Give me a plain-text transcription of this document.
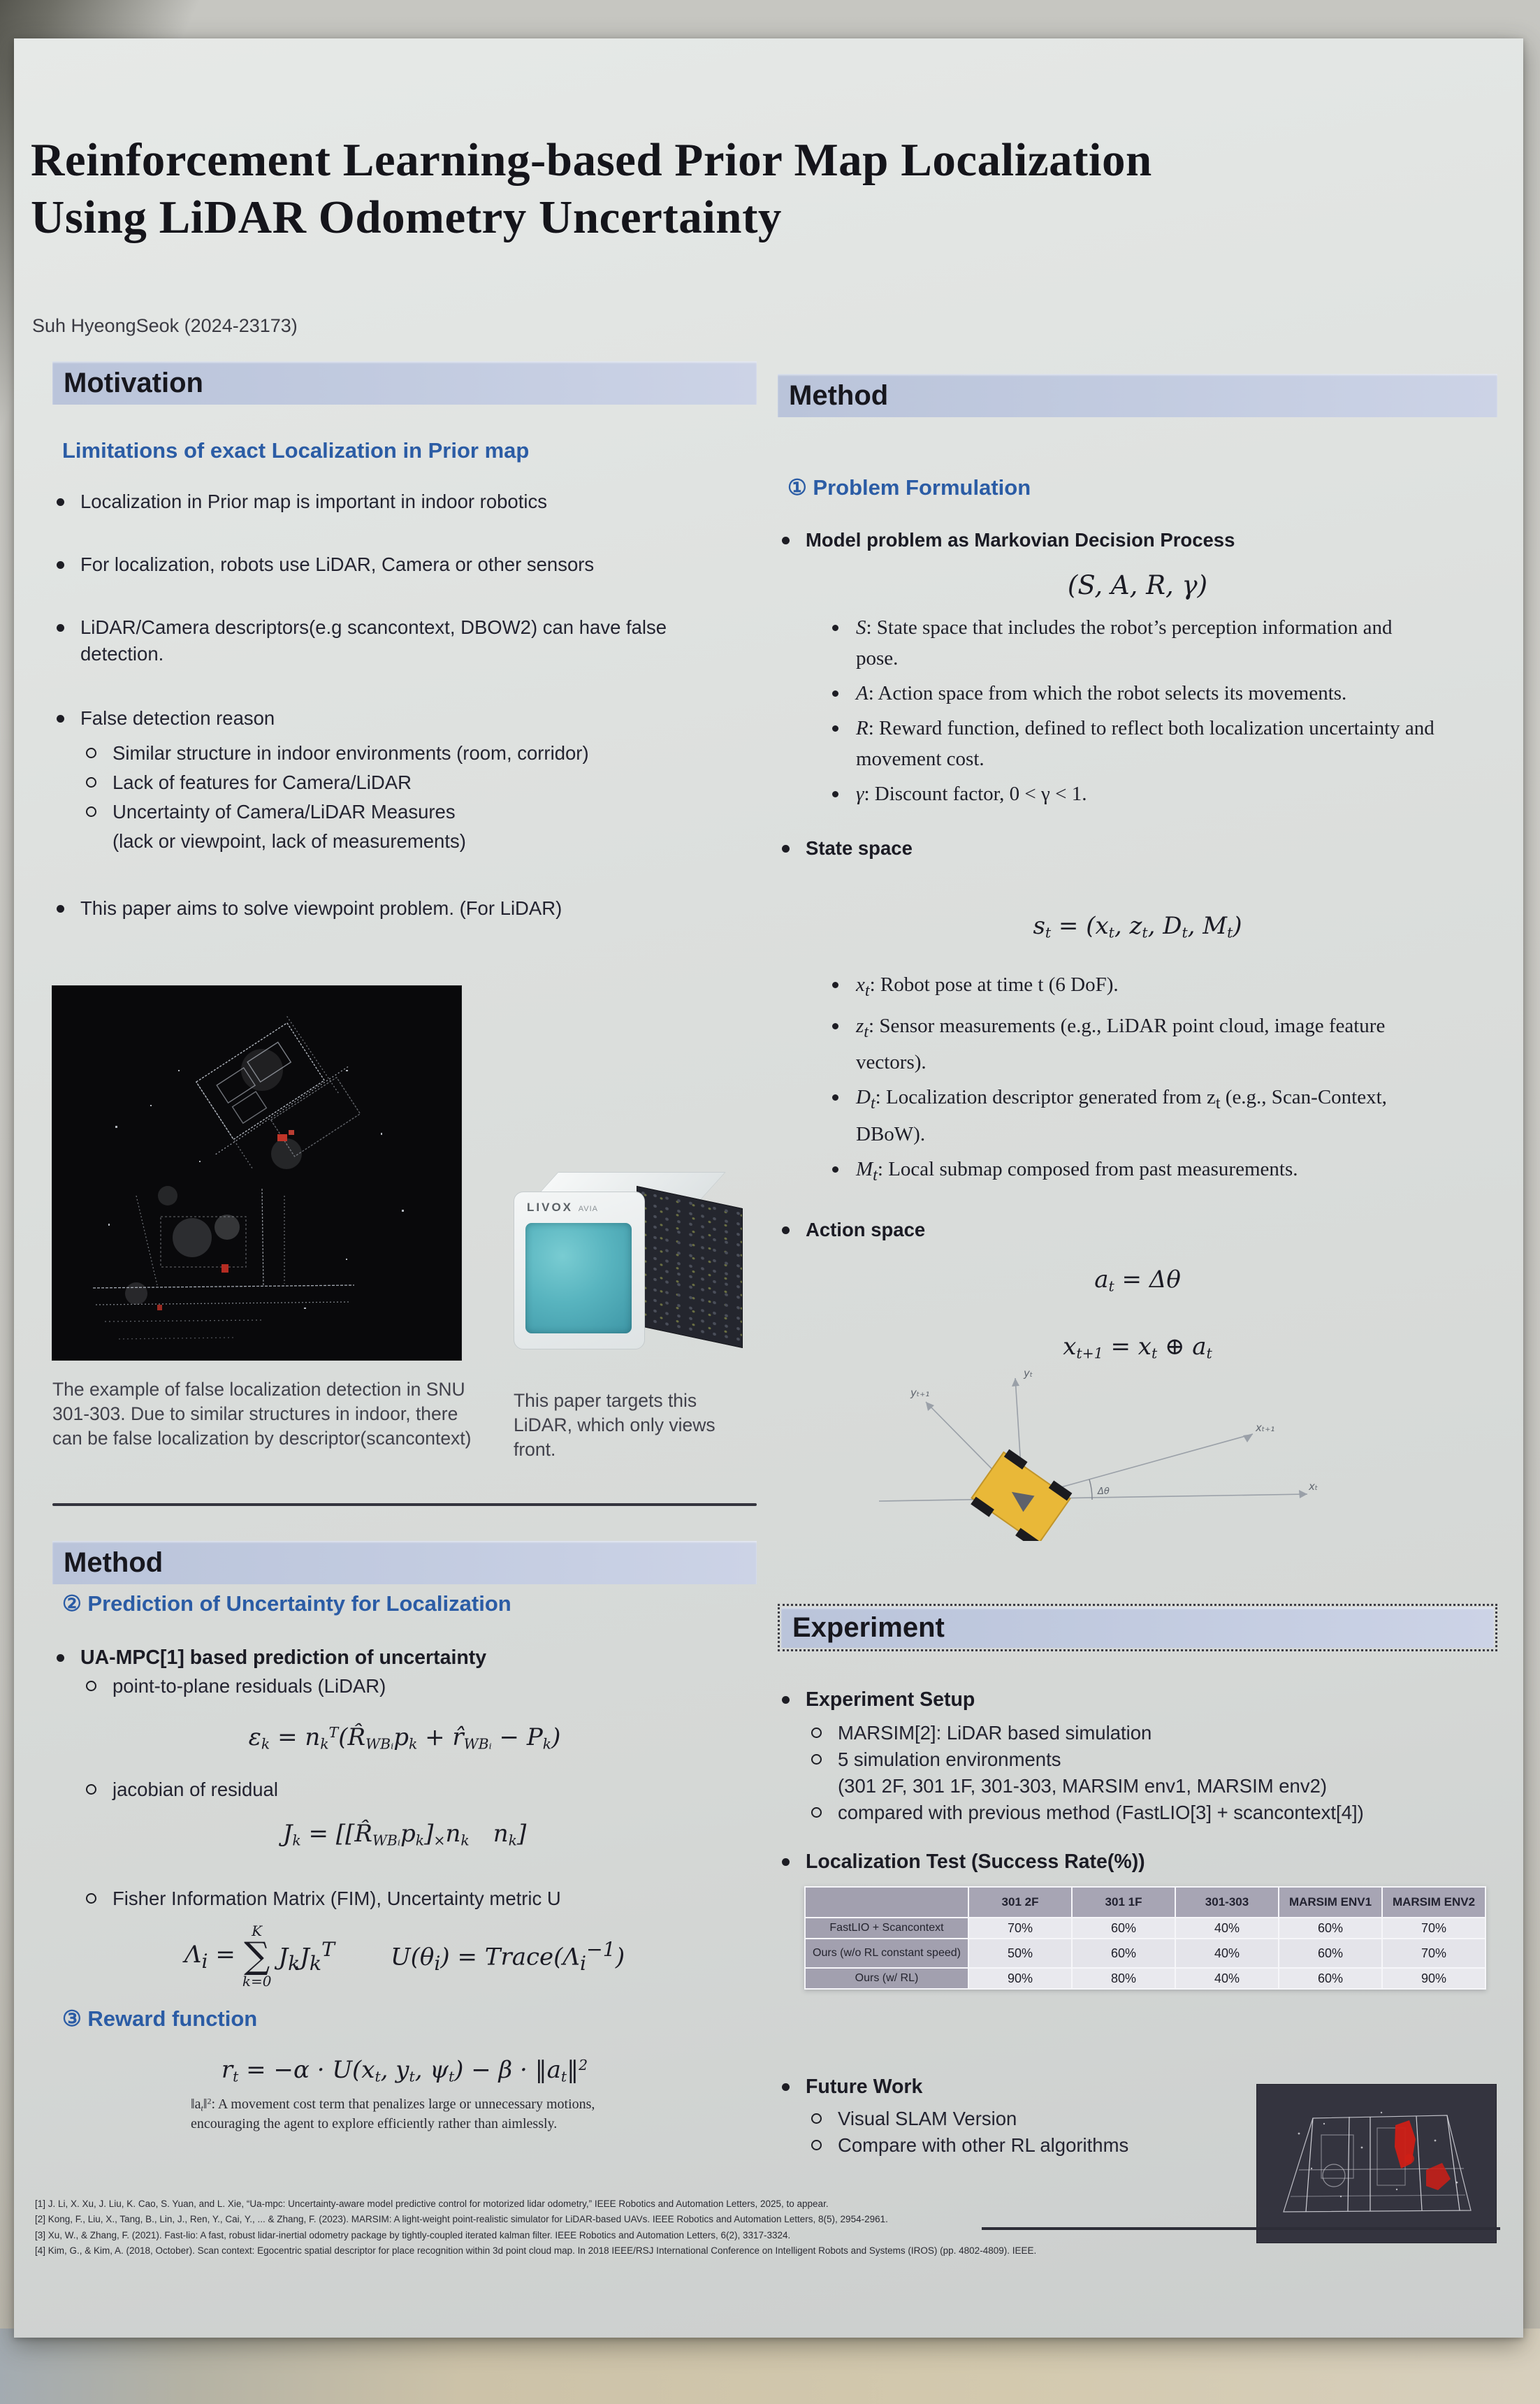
Reinforcement Learning-based Prior Map Localization
Using LiDAR Odometry Uncertainty
Suh HyeongSeok (2024-23173)
Motivation
Limitations of exact Localization in Prior map
Localization in Prior map is important in indoor robotics
For localization, robots use LiDAR, Camera or other sensors
LiDAR/Camera descriptors(e.g scancontext, DBOW2) can have false detection.
False detection reason
Similar structure in indoor environments (room, corridor)
Lack of features for Camera/LiDAR
Uncertainty of Camera/LiDAR Measures
(lack or viewpoint, lack of measurements)
This paper aims to solve viewpoint problem. (For LiDAR)
LIVOX AVIA
The example of false localization detection in SNU 301-303. Due to similar structures in indoor, there can be false localization by descriptor(scancontext)
This paper targets this LiDAR, which only views front.
Method
① Problem Formulation
Model problem as Markovian Decision Process
(S, A, R, γ)
S: State space that includes the robot’s perception information and pose.
A: Action space from which the robot selects its movements.
R: Reward function, defined to reflect both localization uncertainty and movement cost.
γ: Discount factor, 0 < γ < 1.
State space
$s_t = (x_t$, $z_t$, $D_t$, $M_t$)
$x_t$: Robot pose at time t (6 DoF).
$z_t$: Sensor measurements (e.g., LiDAR point cloud, image feature vectors).
$D_t$: Localization descriptor generated from $z_t$ (e.g., Scan-Context, DBoW).
$M_t$: Local submap composed from past measurements.
Action space
$a_t = \Delta\theta$
$x_{t+1} = x_t$ ⊕ $a_t$
yₜ
yₜ₊₁
xₜ
xₜ₊₁
Δθ
Method
② Prediction of Uncertainty for Localization
UA-MPC[1] based prediction of uncertainty
point-to-plane residuals (LiDAR)
$\varepsilon_k$ = $n_k^T(R̂_{WBᵢ}p_k$ + $r̂_{WBᵢ} - P_k$)
jacobian of residual
$J_k$ = [$[R̂_{WBᵢ}p_k]_\times n_k$ $n_k$]
Fisher Information Matrix (FIM), Uncertainty metric U
$\Lambda_i$ =
K
∑
k=0
$J_kJ_k^T$ $U(\theta_i)$ = $Trace(\Lambda_i^{-1})$
③ Reward function
$r_t = -\alpha \cdot U(x_t$, $y_t$, $\psi_t) - \beta$ · $‖a_t‖^2$
$‖a_t‖^2$: A movement cost term that penalizes large or unnecessary motions, encouraging the agent to explore efficiently rather than aimlessly.
Experiment
Experiment Setup
MARSIM[2]: LiDAR based simulation
5 simulation environments
(301 2F, 301 1F, 301-303, MARSIM env1, MARSIM env2)
compared with previous method (FastLIO[3] + scancontext[4])
Localization Test (Success Rate(%))
	301 2F	301 1F	301-303	MARSIM ENV1	MARSIM ENV2
FastLIO + Scancontext	70%	60%	40%	60%	70%
Ours (w/o RL constant speed)	50%	60%	40%	60%	70%
Ours (w/ RL)	90%	80%	40%	60%	90%
Future Work
Visual SLAM Version
Compare with other RL algorithms
[1] J. Li, X. Xu, J. Liu, K. Cao, S. Yuan, and L. Xie, “Ua-mpc: Uncertainty-aware model predictive control for motorized lidar odometry,” IEEE Robotics and Automation Letters, 2025, to appear.
[2] Kong, F., Liu, X., Tang, B., Lin, J., Ren, Y., Cai, Y., ... & Zhang, F. (2023). MARSIM: A light-weight point-realistic simulator for LiDAR-based UAVs. IEEE Robotics and Automation Letters, 8(5), 2954-2961.
[3] Xu, W., & Zhang, F. (2021). Fast-lio: A fast, robust lidar-inertial odometry package by tightly-coupled iterated kalman filter. IEEE Robotics and Automation Letters, 6(2), 3317-3324.
[4] Kim, G., & Kim, A. (2018, October). Scan context: Egocentric spatial descriptor for place recognition within 3d point cloud map. In 2018 IEEE/RSJ International Conference on Intelligent Robots and Systems (IROS) (pp. 4802-4809). IEEE.
